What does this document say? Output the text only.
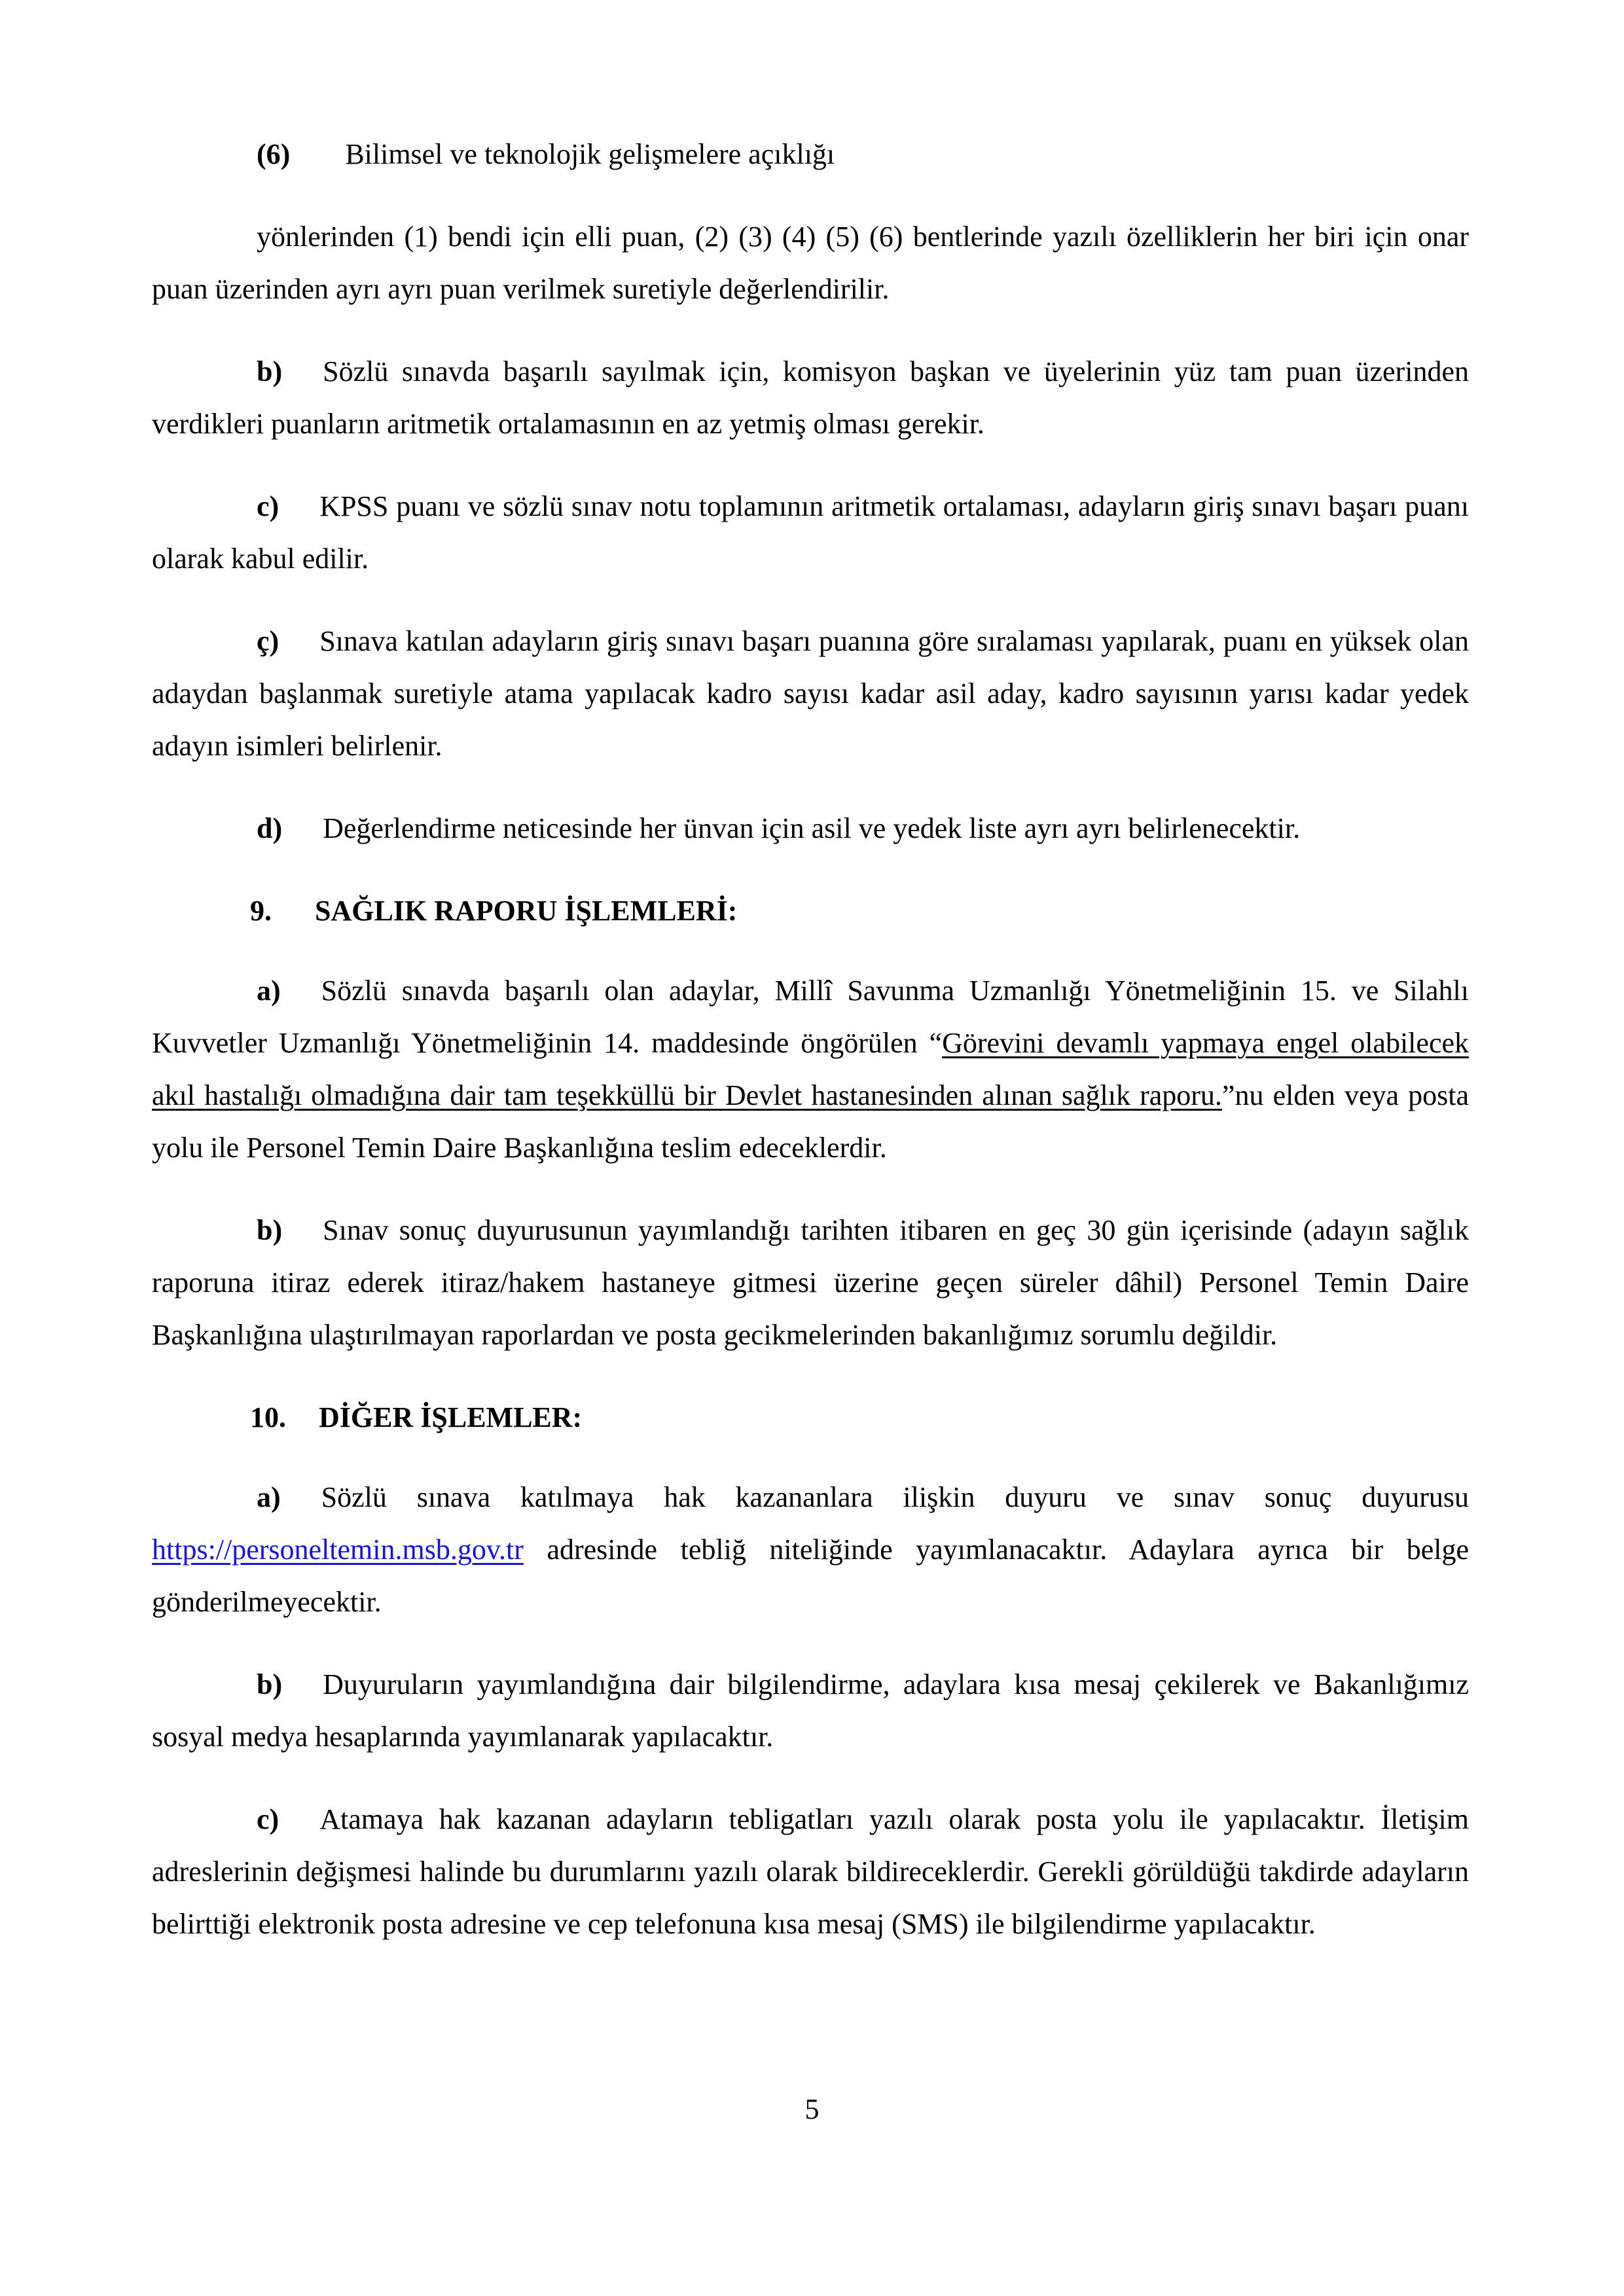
(6) Bilimsel ve teknolojik gelişmelere açıklığı

yönlerinden (1) bendi için elli puan, (2) (3) (4) (5) (6) bentlerinde yazılı özelliklerin her biri için onar puan üzerinden ayrı ayrı puan verilmek suretiyle değerlendirilir.

b) Sözlü sınavda başarılı sayılmak için, komisyon başkan ve üyelerinin yüz tam puan üzerinden verdikleri puanların aritmetik ortalamasının en az yetmiş olması gerekir.

c) KPSS puanı ve sözlü sınav notu toplamının aritmetik ortalaması, adayların giriş sınavı başarı puanı olarak kabul edilir.

ç) Sınava katılan adayların giriş sınavı başarı puanına göre sıralaması yapılarak, puanı en yüksek olan adaydan başlanmak suretiyle atama yapılacak kadro sayısı kadar asil aday, kadro sayısının yarısı kadar yedek adayın isimleri belirlenir.

d) Değerlendirme neticesinde her ünvan için asil ve yedek liste ayrı ayrı belirlenecektir.

9. SAĞLIK RAPORU İŞLEMLERİ:

a) Sözlü sınavda başarılı olan adaylar, Millî Savunma Uzmanlığı Yönetmeliğinin 15. ve Silahlı Kuvvetler Uzmanlığı Yönetmeliğinin 14. maddesinde öngörülen “Görevini devamlı yapmaya engel olabilecek akıl hastalığı olmadığına dair tam teşekküllü bir Devlet hastanesinden alınan sağlık raporu.”nu elden veya posta yolu ile Personel Temin Daire Başkanlığına teslim edeceklerdir.

b) Sınav sonuç duyurusunun yayımlandığı tarihten itibaren en geç 30 gün içerisinde (adayın sağlık raporuna itiraz ederek itiraz/hakem hastaneye gitmesi üzerine geçen süreler dâhil) Personel Temin Daire Başkanlığına ulaştırılmayan raporlardan ve posta gecikmelerinden bakanlığımız sorumlu değildir.

10. DİĞER İŞLEMLER:

a) Sözlü sınava katılmaya hak kazananlara ilişkin duyuru ve sınav sonuç duyurusu https://personeltemin.msb.gov.tr adresinde tebliğ niteliğinde yayımlanacaktır. Adaylara ayrıca bir belge gönderilmeyecektir.

b) Duyuruların yayımlandığına dair bilgilendirme, adaylara kısa mesaj çekilerek ve Bakanlığımız sosyal medya hesaplarında yayımlanarak yapılacaktır.

c) Atamaya hak kazanan adayların tebligatları yazılı olarak posta yolu ile yapılacaktır. İletişim adreslerinin değişmesi halinde bu durumlarını yazılı olarak bildireceklerdir. Gerekli görüldüğü takdirde adayların belirttiği elektronik posta adresine ve cep telefonuna kısa mesaj (SMS) ile bilgilendirme yapılacaktır.

5
